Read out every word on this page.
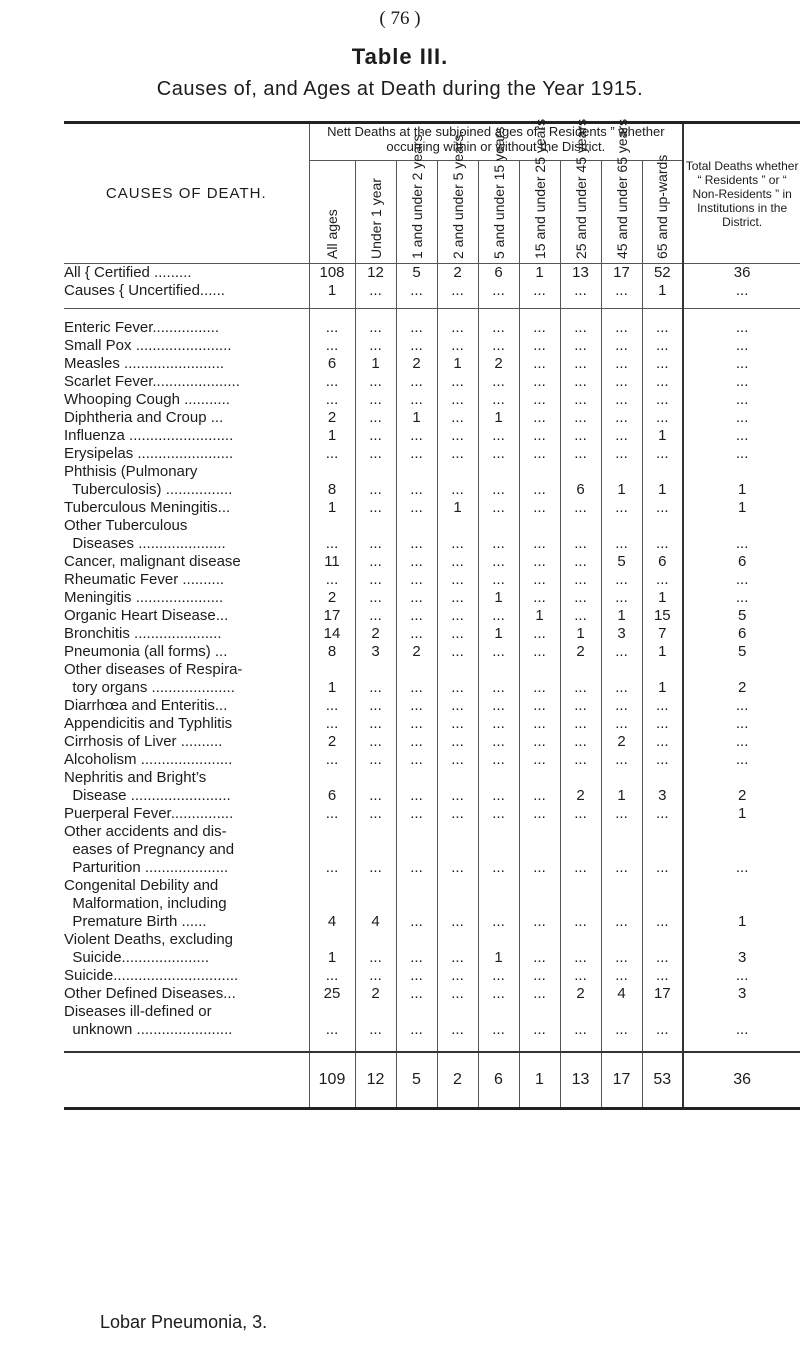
( 76 )
Table III.
Causes of, and Ages at Death during the Year 1915.
CAUSES OF DEATH.	Nett Deaths at the subjoined ages of “ Residents ” whether occurring within or without the District.									Total Deaths whether “ Residents ” or “ Non-Residents ” in Institutions in the District.

	All ages	Under 1 year	1 and under 2 years.	2 and under 5 years.	5 and under 15 years	15 and under 25 years	25 and under 45 years	45 and under 65 years	65 and up-wards	

All { Certified .........	108	12	5	2	6	1	13	17	52	36
Causes { Uncertified......	1	...	...	...	...	...	...	...	1	...

Enteric Fever................	...	...	...	...	...	...	...	...	...	...

Small Pox .......................	...	...	...	...	...	...	...	...	...	...

Measles ........................	6	1	2	1	2	...	...	...	...	...

Scarlet Fever.....................	...	...	...	...	...	...	...	...	...	...

Whooping Cough ...........	...	...	...	...	...	...	...	...	...	...

Diphtheria and Croup ...	2	...	1	...	1	...	...	...	...	...

Influenza .........................	1	...	...	...	...	...	...	...	1	...

Erysipelas .......................	...	...	...	...	...	...	...	...	...	...

Phthisis (Pulmonary
Tuberculosis) ................	8	...	...	...	...	...	6	1	1	1

Tuberculous Meningitis...	1	...	...	1	...	...	...	...	...	1

Other Tuberculous
Diseases .....................	...	...	...	...	...	...	...	...	...	...

Cancer, malignant disease	11	...	...	...	...	...	...	5	6	6

Rheumatic Fever ..........	...	...	...	...	...	...	...	...	...	...

Meningitis .....................	2	...	...	...	1	...	...	...	1	...

Organic Heart Disease...	17	...	...	...	...	1	...	1	15	5

Bronchitis .....................	14	2	...	...	1	...	1	3	7	6

Pneumonia (all forms) ...	8	3	2	...	...	...	2	...	1	5

Other diseases of Respira-
tory organs ....................	1	...	...	...	...	...	...	...	1	2

Diarrhœa and Enteritis...	...	...	...	...	...	...	...	...	...	...

Appendicitis and Typhlitis	...	...	...	...	...	...	...	...	...	...

Cirrhosis of Liver ..........	2	...	...	...	...	...	...	2	...	...

Alcoholism ......................	...	...	...	...	...	...	...	...	...	...

Nephritis and Bright’s
Disease ........................	6	...	...	...	...	...	2	1	3	2

Puerperal Fever...............	...	...	...	...	...	...	...	...	...	1

Other accidents and dis-
eases of Pregnancy and
Parturition ....................	...	...	...	...	...	...	...	...	...	...

Congenital Debility and
Malformation, including
Premature Birth ......	4	4	...	...	...	...	...	...	...	1

Violent Deaths, excluding
Suicide.....................	1	...	...	...	1	...	...	...	...	3

Suicide..............................	...	...	...	...	...	...	...	...	...	...

Other Defined Diseases...	25	2	...	...	...	...	2	4	17	3

Diseases ill-defined or
unknown .......................	...	...	...	...	...	...	...	...	...	...

	109	12	5	2	6	1	13	17	53	36
Lobar Pneumonia, 3.
